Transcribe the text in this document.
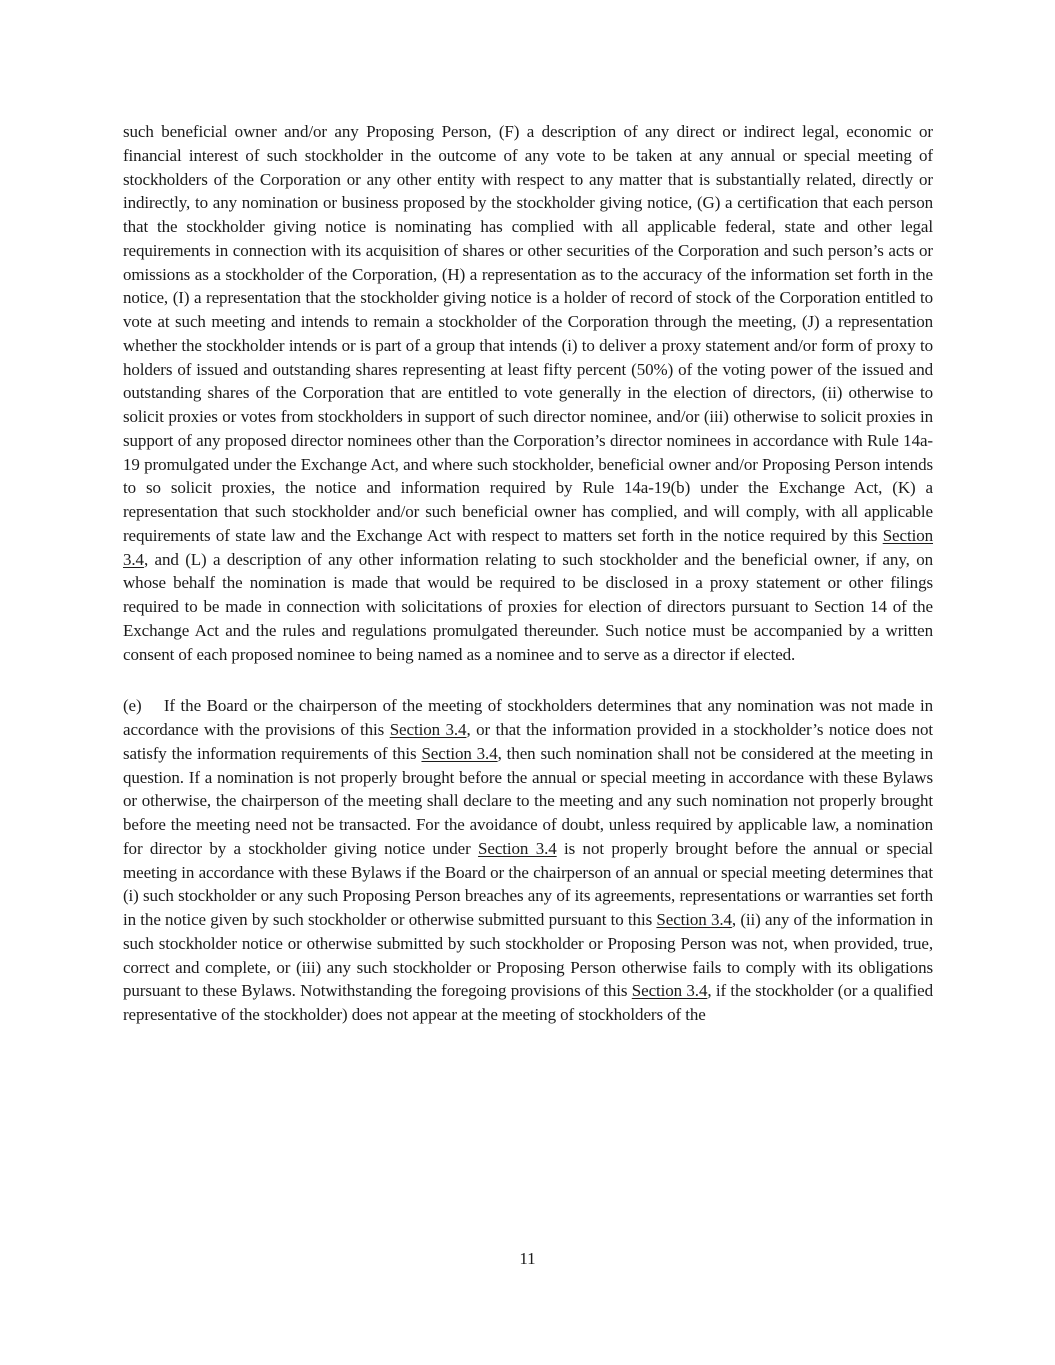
such beneficial owner and/or any Proposing Person, (F) a description of any direct or indirect legal, economic or financial interest of such stockholder in the outcome of any vote to be taken at any annual or special meeting of stockholders of the Corporation or any other entity with respect to any matter that is substantially related, directly or indirectly, to any nomination or business proposed by the stockholder giving notice, (G) a certification that each person that the stockholder giving notice is nominating has complied with all applicable federal, state and other legal requirements in connection with its acquisition of shares or other securities of the Corporation and such person’s acts or omissions as a stockholder of the Corporation, (H) a representation as to the accuracy of the information set forth in the notice, (I) a representation that the stockholder giving notice is a holder of record of stock of the Corporation entitled to vote at such meeting and intends to remain a stockholder of the Corporation through the meeting, (J) a representation whether the stockholder intends or is part of a group that intends (i) to deliver a proxy statement and/or form of proxy to holders of issued and outstanding shares representing at least fifty percent (50%) of the voting power of the issued and outstanding shares of the Corporation that are entitled to vote generally in the election of directors, (ii) otherwise to solicit proxies or votes from stockholders in support of such director nominee, and/or (iii) otherwise to solicit proxies in support of any proposed director nominees other than the Corporation’s director nominees in accordance with Rule 14a-19 promulgated under the Exchange Act, and where such stockholder, beneficial owner and/or Proposing Person intends to so solicit proxies, the notice and information required by Rule 14a-19(b) under the Exchange Act, (K) a representation that such stockholder and/or such beneficial owner has complied, and will comply, with all applicable requirements of state law and the Exchange Act with respect to matters set forth in the notice required by this Section 3.4, and (L) a description of any other information relating to such stockholder and the beneficial owner, if any, on whose behalf the nomination is made that would be required to be disclosed in a proxy statement or other filings required to be made in connection with solicitations of proxies for election of directors pursuant to Section 14 of the Exchange Act and the rules and regulations promulgated thereunder. Such notice must be accompanied by a written consent of each proposed nominee to being named as a nominee and to serve as a director if elected.

(e)    If the Board or the chairperson of the meeting of stockholders determines that any nomination was not made in accordance with the provisions of this Section 3.4, or that the information provided in a stockholder’s notice does not satisfy the information requirements of this Section 3.4, then such nomination shall not be considered at the meeting in question. If a nomination is not properly brought before the annual or special meeting in accordance with these Bylaws or otherwise, the chairperson of the meeting shall declare to the meeting and any such nomination not properly brought before the meeting need not be transacted. For the avoidance of doubt, unless required by applicable law, a nomination for director by a stockholder giving notice under Section 3.4 is not properly brought before the annual or special meeting in accordance with these Bylaws if the Board or the chairperson of an annual or special meeting determines that (i) such stockholder or any such Proposing Person breaches any of its agreements, representations or warranties set forth in the notice given by such stockholder or otherwise submitted pursuant to this Section 3.4, (ii) any of the information in such stockholder notice or otherwise submitted by such stockholder or Proposing Person was not, when provided, true, correct and complete, or (iii) any such stockholder or Proposing Person otherwise fails to comply with its obligations pursuant to these Bylaws. Notwithstanding the foregoing provisions of this Section 3.4, if the stockholder (or a qualified representative of the stockholder) does not appear at the meeting of stockholders of the

11
